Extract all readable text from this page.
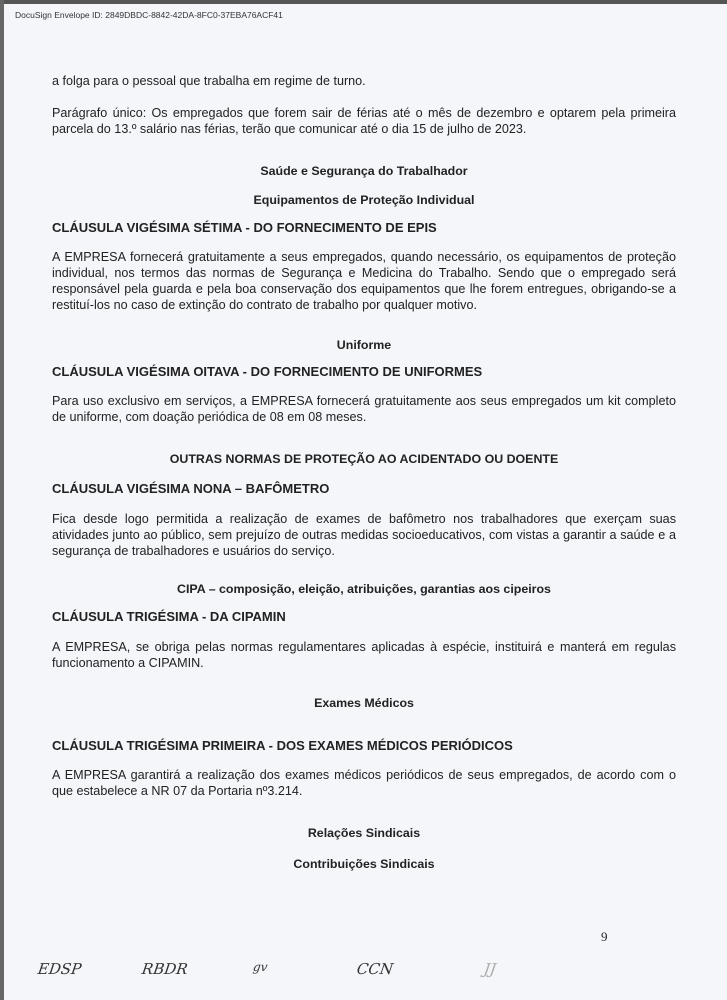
DocuSign Envelope ID: 2849DBDC-8842-42DA-8FC0-37EBA76ACF41
a folga para o pessoal que trabalha em regime de turno.
Parágrafo único: Os empregados que forem sair de férias até o mês de dezembro e optarem pela primeira parcela do 13.º salário nas férias, terão que comunicar até o dia 15 de julho de 2023.
Saúde e Segurança do Trabalhador
Equipamentos de Proteção Individual
CLÁUSULA VIGÉSIMA SÉTIMA - DO FORNECIMENTO DE EPIS
A EMPRESA fornecerá gratuitamente a seus empregados, quando necessário, os equipamentos de proteção individual, nos termos das normas de Segurança e Medicina do Trabalho. Sendo que o empregado será responsável pela guarda e pela boa conservação dos equipamentos que lhe forem entregues, obrigando-se a restituí-los no caso de extinção do contrato de trabalho por qualquer motivo.
Uniforme
CLÁUSULA VIGÉSIMA OITAVA - DO FORNECIMENTO DE UNIFORMES
Para uso exclusivo em serviços, a EMPRESA fornecerá gratuitamente aos seus empregados um kit completo de uniforme, com doação periódica de 08 em 08 meses.
OUTRAS NORMAS DE PROTEÇÃO AO ACIDENTADO OU DOENTE
CLÁUSULA VIGÉSIMA NONA – BAFÔMETRO
Fica desde logo permitida a realização de exames de bafômetro nos trabalhadores que exerçam suas atividades junto ao público, sem prejuízo de outras medidas socioeducativos, com vistas a garantir a saúde e a segurança de trabalhadores e usuários do serviço.
CIPA – composição, eleição, atribuições, garantias aos cipeiros
CLÁUSULA TRIGÉSIMA - DA CIPAMIN
A EMPRESA, se obriga pelas normas regulamentares aplicadas à espécie, instituirá e manterá em regulas funcionamento a CIPAMIN.
Exames Médicos
CLÁUSULA TRIGÉSIMA PRIMEIRA - DOS EXAMES MÉDICOS PERIÓDICOS
A EMPRESA garantirá a realização dos exames médicos periódicos de seus empregados, de acordo com o que estabelece a NR 07 da Portaria nº3.214.
Relações Sindicais
Contribuições Sindicais
9
EDSP	RBDR	gv	CCN	JJ
